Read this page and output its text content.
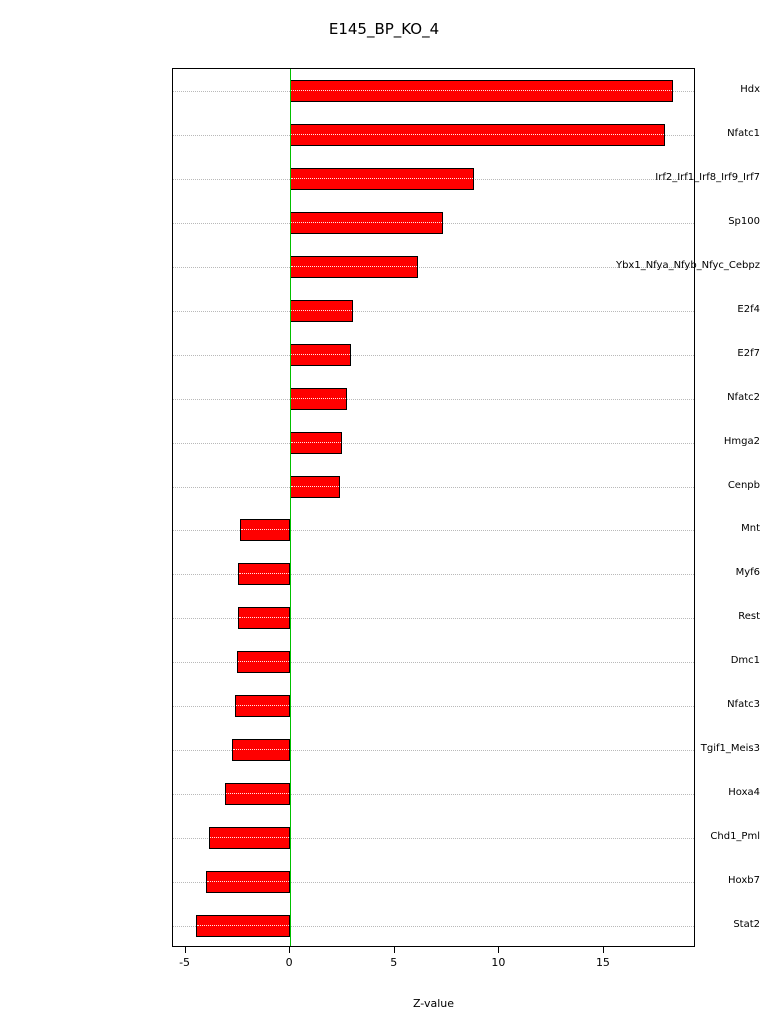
E145_BP_KO_4
Hdx
Nfatc1
Irf2_Irf1_Irf8_Irf9_Irf7
Sp100
Ybx1_Nfya_Nfyb_Nfyc_Cebpz
E2f4
E2f7
Nfatc2
Hmga2
Cenpb
Mnt
Myf6
Rest
Dmc1
Nfatc3
Tgif1_Meis3
Hoxa4
Chd1_Pml
Hoxb7
Stat2
-5	0	5	10	15
Z-value
